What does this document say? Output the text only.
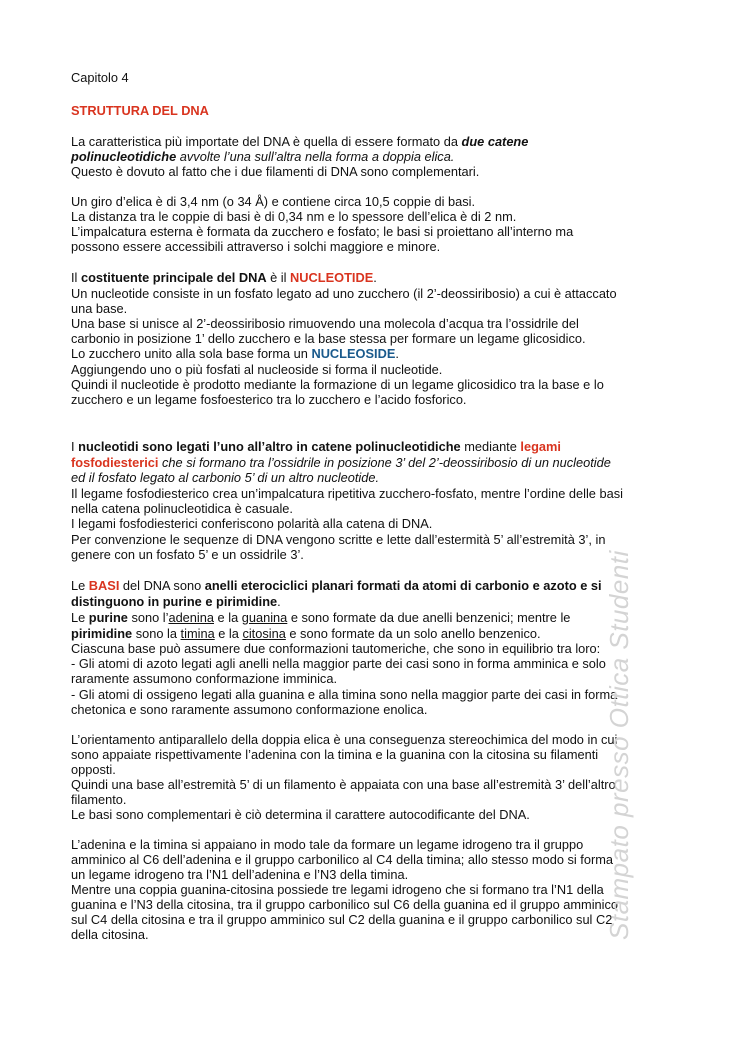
Capitolo 4
STRUTTURA DEL DNA
La caratteristica più importate del DNA è quella di essere formato da due catene
polinucleotidiche avvolte l’una sull’altra nella forma a doppia elica.
Questo è dovuto al fatto che i due filamenti di DNA sono complementari.
Un giro d’elica è di 3,4 nm (o 34 Å) e contiene circa 10,5 coppie di basi.
La distanza tra le coppie di basi è di 0,34 nm e lo spessore dell’elica è di 2 nm.
L’impalcatura esterna è formata da zucchero e fosfato; le basi si proiettano all’interno ma
possono essere accessibili attraverso i solchi maggiore e minore.
Il costituente principale del DNA è il NUCLEOTIDE.
Un nucleotide consiste in un fosfato legato ad uno zucchero (il 2’-deossiribosio) a cui è attaccato
una base.
Una base si unisce al 2’-deossiribosio rimuovendo una molecola d’acqua tra l’ossidrile del
carbonio in posizione 1’ dello zucchero e la base stessa per formare un legame glicosidico.
Lo zucchero unito alla sola base forma un NUCLEOSIDE.
Aggiungendo uno o più fosfati al nucleoside si forma il nucleotide.
Quindi il nucleotide è prodotto mediante la formazione di un legame glicosidico tra la base e lo
zucchero e un legame fosfoesterico tra lo zucchero e l’acido fosforico.
I nucleotidi sono legati l’uno all’altro in catene polinucleotidiche mediante legami
fosfodiesterici che si formano tra l’ossidrile in posizione 3’ del 2’-deossiribosio di un nucleotide
ed il fosfato legato al carbonio 5’ di un altro nucleotide.
Il legame fosfodiesterico crea un’impalcatura ripetitiva zucchero-fosfato, mentre l’ordine delle basi
nella catena polinucleotidica è casuale.
I legami fosfodiesterici conferiscono polarità alla catena di DNA.
Per convenzione le sequenze di DNA vengono scritte e lette dall’estermità 5’ all’estremità 3’, in
genere con un fosfato 5’ e un ossidrile 3’.
Le BASI del DNA sono anelli eterociclici planari formati da atomi di carbonio e azoto e si
distinguono in purine e pirimidine.
Le purine sono l’adenina e la guanina e sono formate da due anelli benzenici; mentre le
pirimidine sono la timina e la citosina e sono formate da un solo anello benzenico.
Ciascuna base può assumere due conformazioni tautomeriche, che sono in equilibrio tra loro:
- Gli atomi di azoto legati agli anelli nella maggior parte dei casi sono in forma amminica e solo
raramente assumono conformazione imminica.
- Gli atomi di ossigeno legati alla guanina e alla timina sono nella maggior parte dei casi in forma
chetonica e sono raramente assumono conformazione enolica.
L’orientamento antiparallelo della doppia elica è una conseguenza stereochimica del modo in cui
sono appaiate rispettivamente l’adenina con la timina e la guanina con la citosina su filamenti
opposti.
Quindi una base all’estremità 5’ di un filamento è appaiata con una base all’estremità 3’ dell’altro
filamento.
Le basi sono complementari è ciò determina il carattere autocodificante del DNA.
L’adenina e la timina si appaiano in modo tale da formare un legame idrogeno tra il gruppo
amminico al C6 dell’adenina e il gruppo carbonilico al C4 della timina; allo stesso modo si forma
un legame idrogeno tra l’N1 dell’adenina e l’N3 della timina.
Mentre una coppia guanina-citosina possiede tre legami idrogeno che si formano tra l’N1 della
guanina e l’N3 della citosina, tra il gruppo carbonilico sul C6 della guanina ed il gruppo amminico
sul C4 della citosina e tra il gruppo amminico sul C2 della guanina e il gruppo carbonilico sul C2
della citosina.	Stampato presso Ottica Studenti
